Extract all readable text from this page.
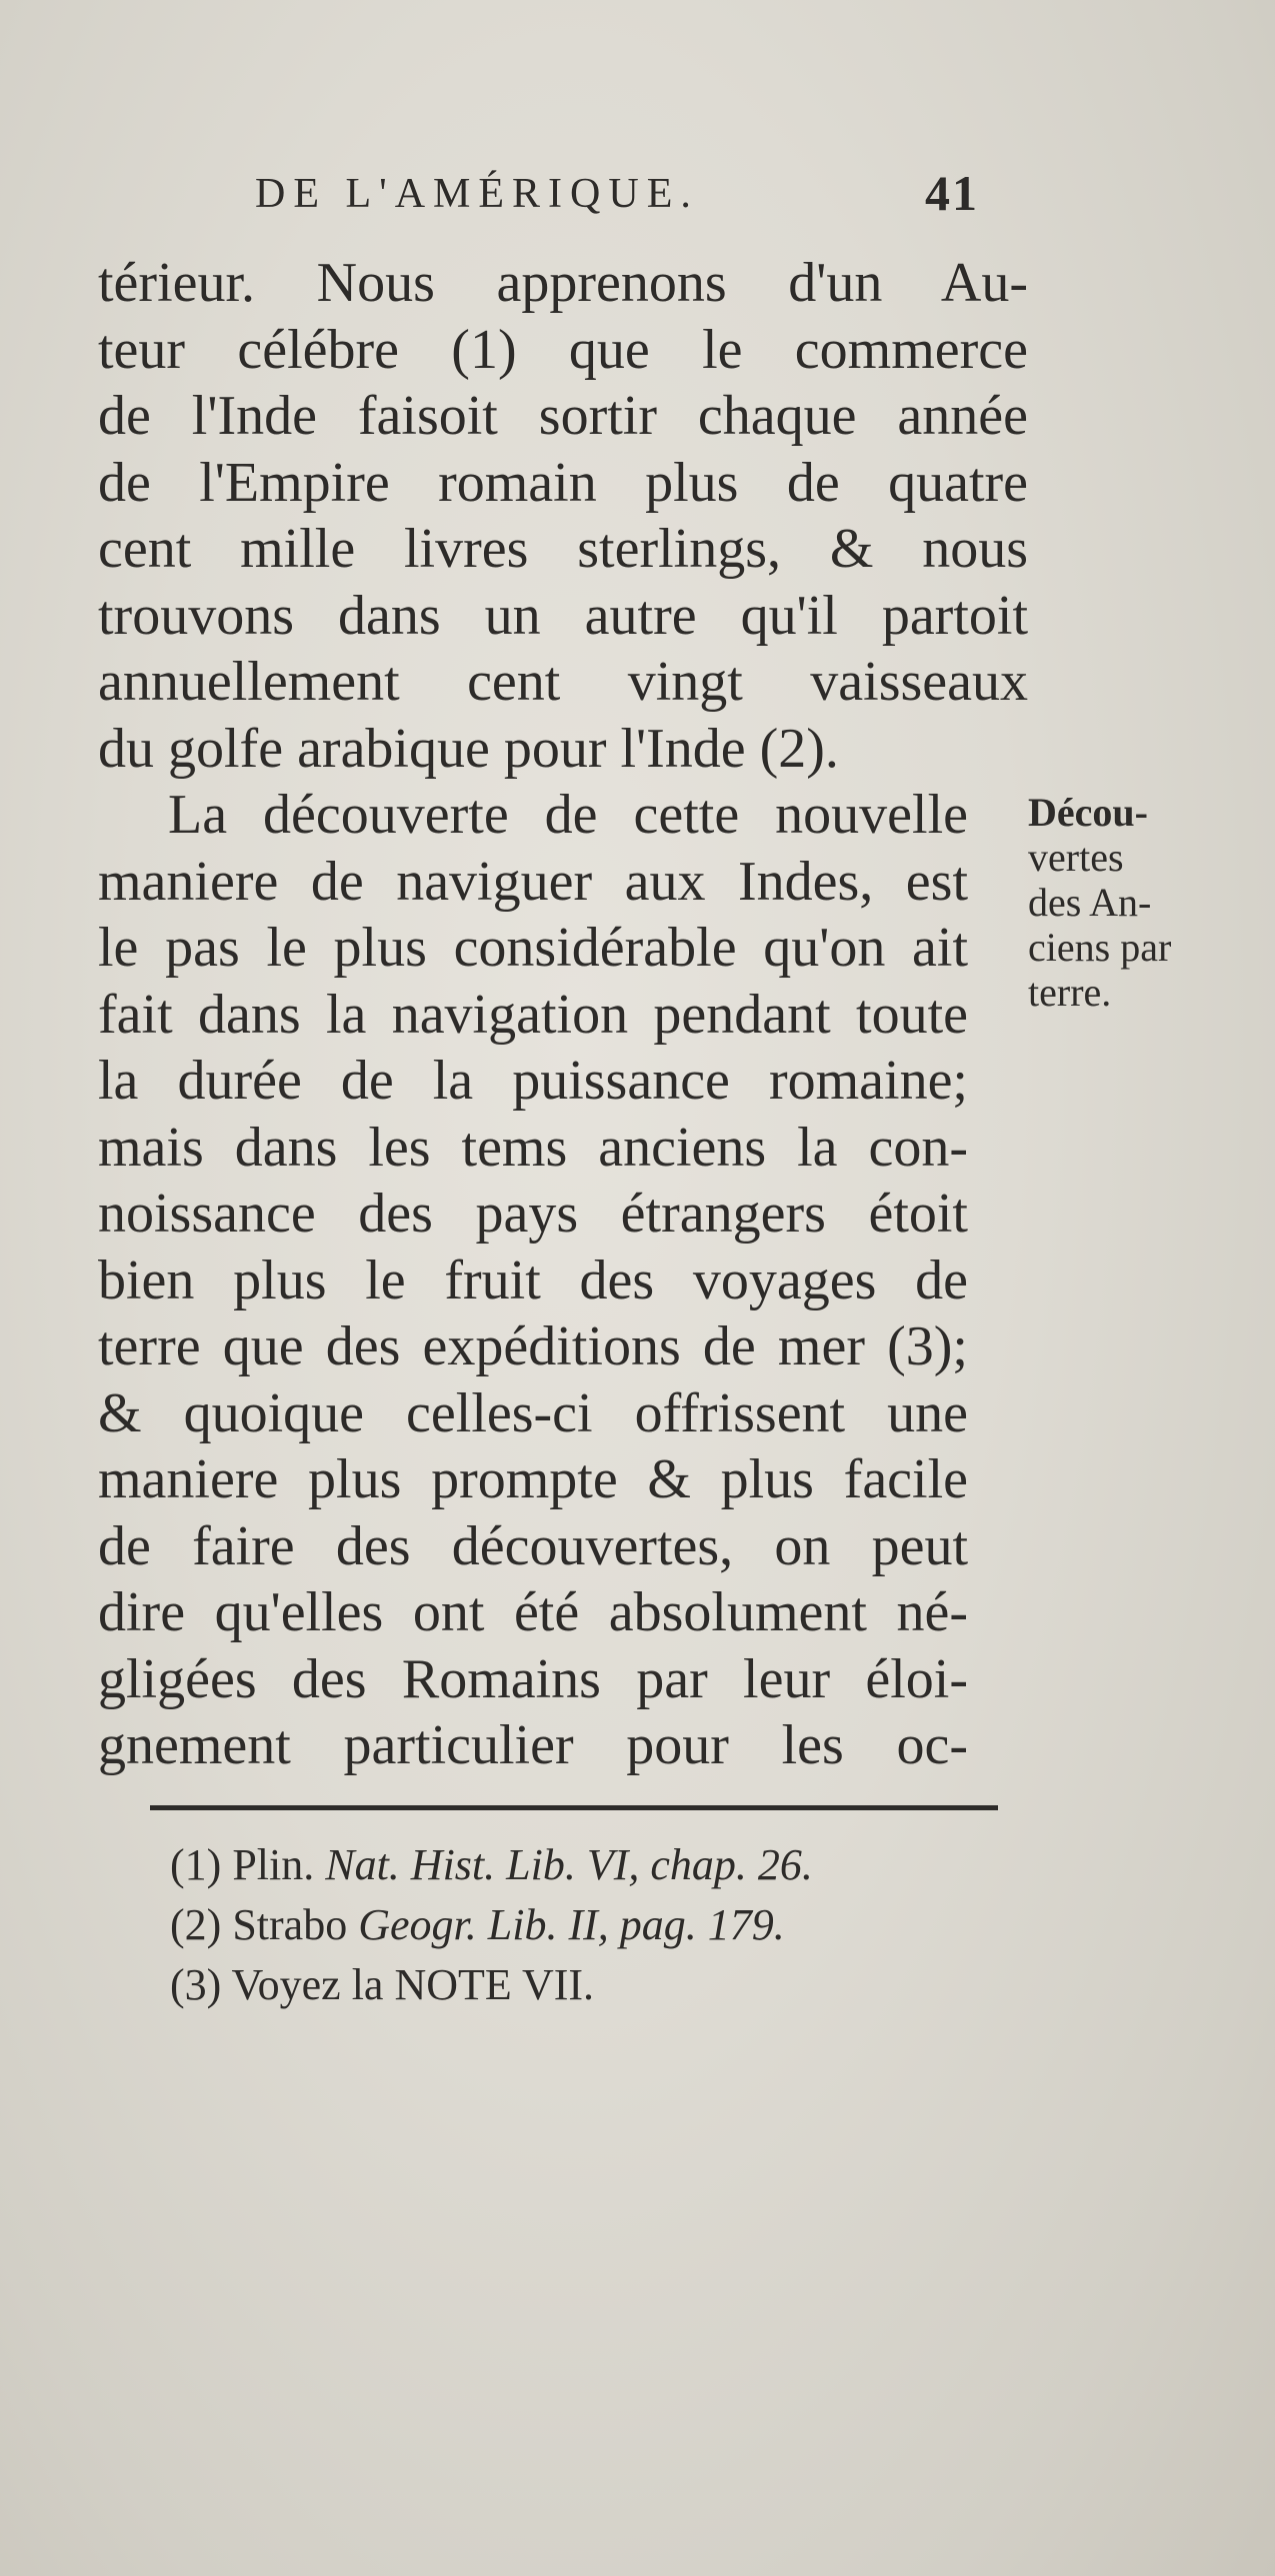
DE L'AMÉRIQUE.	41
térieur. Nous apprenons d'un Au-
teur célébre (1) que le commerce
de l'Inde faisoit sortir chaque année
de l'Empire romain plus de quatre
cent mille livres sterlings, & nous
trouvons dans un autre qu'il partoit
annuellement cent vingt vaisseaux
du golfe arabique pour l'Inde (2).
La découverte de cette nouvelle
maniere de naviguer aux Indes, est
le pas le plus considérable qu'on ait
fait dans la navigation pendant toute
la durée de la puissance romaine;
mais dans les tems anciens la con-
noissance des pays étrangers étoit
bien plus le fruit des voyages de
terre que des expéditions de mer (3);
& quoique celles-ci offrissent une
maniere plus prompte & plus facile
de faire des découvertes, on peut
dire qu'elles ont été absolument né-
gligées des Romains par leur éloi-
gnement particulier pour les oc-
Décou-
vertes
des An-
ciens par
terre.
(1) Plin. Nat. Hist. Lib. VI, chap. 26.
(2) Strabo Geogr. Lib. II, pag. 179.
(3) Voyez la NOTE VII.
